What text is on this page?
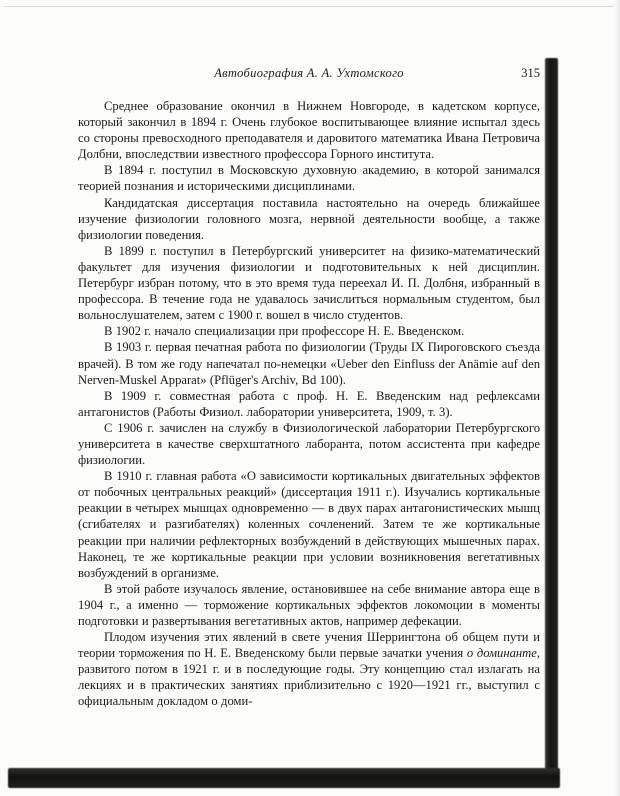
Автобиография А. А. Ухтомского	315

Среднее образование окончил в Нижнем Новгороде, в кадетском корпусе, который закончил в 1894 г. Очень глубокое воспитывающее влияние испытал здесь со стороны превосходного преподавателя и даровитого математика Ивана Петровича Долбни, впоследствии известного профессора Горного института.

В 1894 г. поступил в Московскую духовную академию, в которой занимался теорией познания и историческими дисциплинами.

Кандидатская диссертация поставила настоятельно на очередь ближайшее изучение физиологии головного мозга, нервной деятельности вообще, а также физиологии поведения.

В 1899 г. поступил в Петербургский университет на физико-математический факультет для изучения физиологии и подготовительных к ней дисциплин. Петербург избран потому, что в это время туда переехал И. П. Долбня, избранный в профессора. В течение года не удавалось зачислиться нормальным студентом, был вольнослушателем, затем с 1900 г. вошел в число студентов.

В 1902 г. начало специализации при профессоре Н. Е. Введенском.

В 1903 г. первая печатная работа по физиологии (Труды IX Пироговского съезда врачей). В том же году напечатал по-немецки «Ueber den Einfluss der Anämie auf den Nerven-Muskel Apparat» (Pflüger's Archiv, Bd 100).

В 1909 г. совместная работа с проф. Н. Е. Введенским над рефлексами антагонистов (Работы Физиол. лаборатории университета, 1909, т. 3).

С 1906 г. зачислен на службу в Физиологической лаборатории Петербургского университета в качестве сверхштатного лаборанта, потом ассистента при кафедре физиологии.

В 1910 г. главная работа «О зависимости кортикальных двигательных эффектов от побочных центральных реакций» (диссертация 1911 г.). Изучались кортикальные реакции в четырех мышцах одновременно — в двух парах антагонистических мышц (сгибателях и разгибателях) коленных сочленений. Затем те же кортикальные реакции при наличии рефлекторных возбуждений в действующих мышечных парах. Наконец, те же кортикальные реакции при условии возникновения вегетативных возбуждений в организме.

В этой работе изучалось явление, остановившее на себе внимание автора еще в 1904 г., а именно — торможение кортикальных эффектов локомоции в моменты подготовки и развертывания вегетативных актов, например дефекации.

Плодом изучения этих явлений в свете учения Шеррингтона об общем пути и теории торможения по Н. Е. Введенскому были первые зачатки учения о доминанте, развитого потом в 1921 г. и в последующие годы. Эту концепцию стал излагать на лекциях и в практических занятиях приблизительно с 1920—1921 гг., выступил с официальным докладом о доми-
